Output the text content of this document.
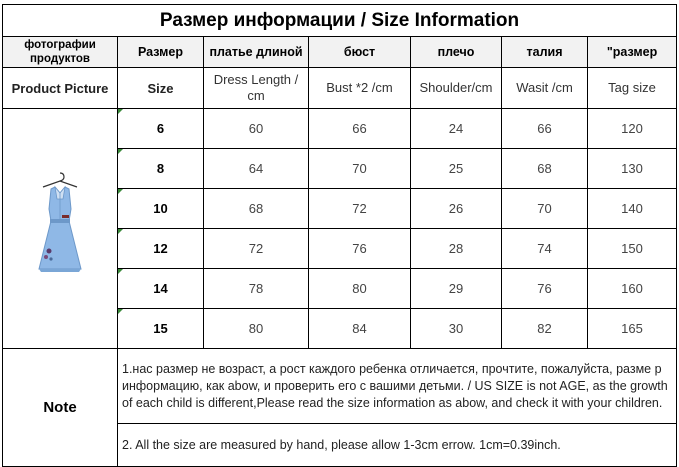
Размер информации / Size Information						
фотографии продуктов	Размер	платье длиной	бюст	плечо	талия	"размер
Product Picture	Size	Dress Length / cm	Bust *2 /cm	Shoulder/cm	Wasit /cm	Tag size

6	60	66	24	66	120

8	64	70	25	68	130

10	68	72	26	70	140

12	72	76	28	74	150

14	78	80	29	76	160

15	80	84	30	82	165
Note	1.нас размер не возраст, а рост каждого ребенка отличается, прочтите, пожалуйста, разме р информацию, как abow, и проверить его с вашими детьми. / US SIZE is not AGE, as the growth of each child is different,Please read the size information as abow, and check it with your children.					
	2. All the size are measured by hand, please allow 1-3cm errow. 1cm=0.39inch.					
